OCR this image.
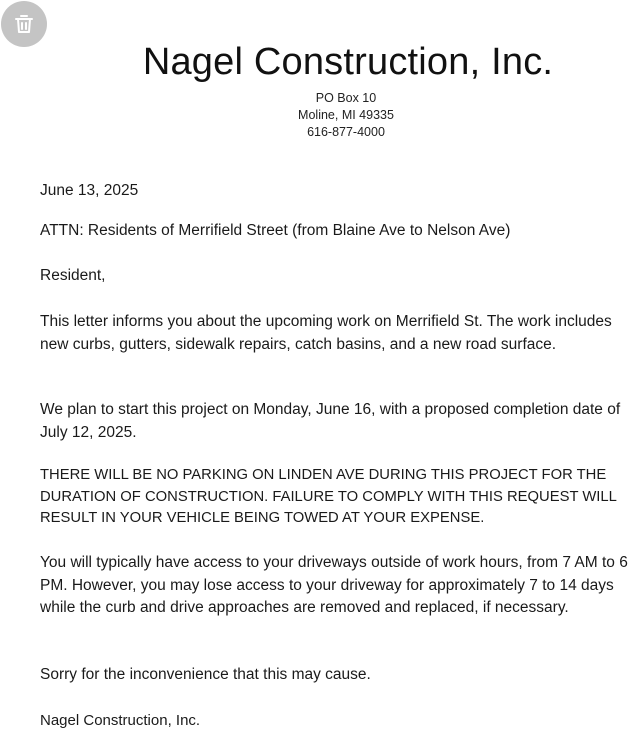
Nagel Construction, Inc.
PO Box 10
Moline, MI 49335
616-877-4000
June 13, 2025
ATTN: Residents of Merrifield Street (from Blaine Ave to Nelson Ave)
Resident,
This letter informs you about the upcoming work on Merrifield St. The work includes new curbs, gutters, sidewalk repairs, catch basins, and a new road surface.
We plan to start this project on Monday, June 16, with a proposed completion date of July 12, 2025.
THERE WILL BE NO PARKING ON LINDEN AVE DURING THIS PROJECT FOR THE DURATION OF CONSTRUCTION. FAILURE TO COMPLY WITH THIS REQUEST WILL RESULT IN YOUR VEHICLE BEING TOWED AT YOUR EXPENSE.
You will typically have access to your driveways outside of work hours, from 7 AM to 6 PM. However, you may lose access to your driveway for approximately 7 to 14 days while the curb and drive approaches are removed and replaced, if necessary.
Sorry for the inconvenience that this may cause.
Nagel Construction, Inc.
